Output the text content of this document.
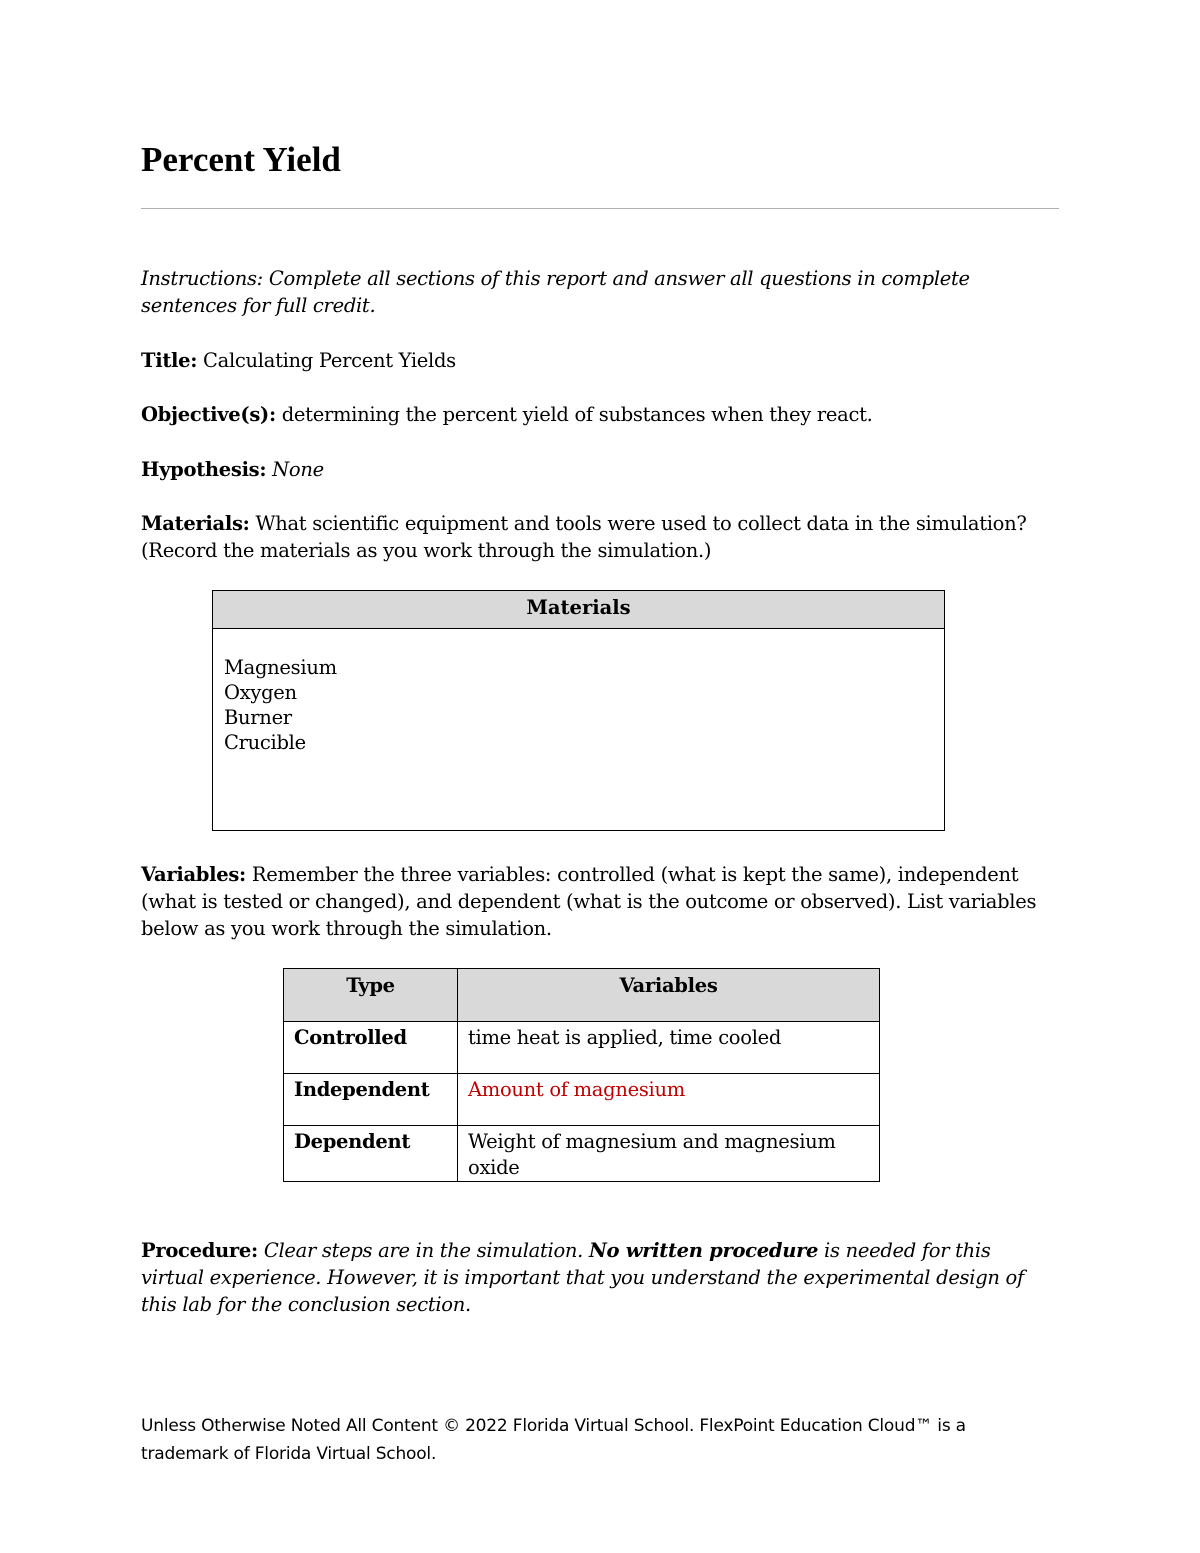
Percent Yield
Instructions: Complete all sections of this report and answer all questions in complete sentences for full credit.
Title: Calculating Percent Yields
Objective(s): determining the percent yield of substances when they react.
Hypothesis: None
Materials: What scientific equipment and tools were used to collect data in the simulation? (Record the materials as you work through the simulation.)
Materials
Magnesium
Oxygen
Burner
Crucible
Variables: Remember the three variables: controlled (what is kept the same), independent (what is tested or changed), and dependent (what is the outcome or observed). List variables below as you work through the simulation.
Type	Variables
Controlled	time heat is applied, time cooled
Independent	Amount of magnesium
Dependent	Weight of magnesium and magnesium oxide
Procedure: Clear steps are in the simulation. No written procedure is needed for this virtual experience. However, it is important that you understand the experimental design of this lab for the conclusion section.
Unless Otherwise Noted All Content © 2022 Florida Virtual School. FlexPoint Education Cloud™ is a trademark of Florida Virtual School.
